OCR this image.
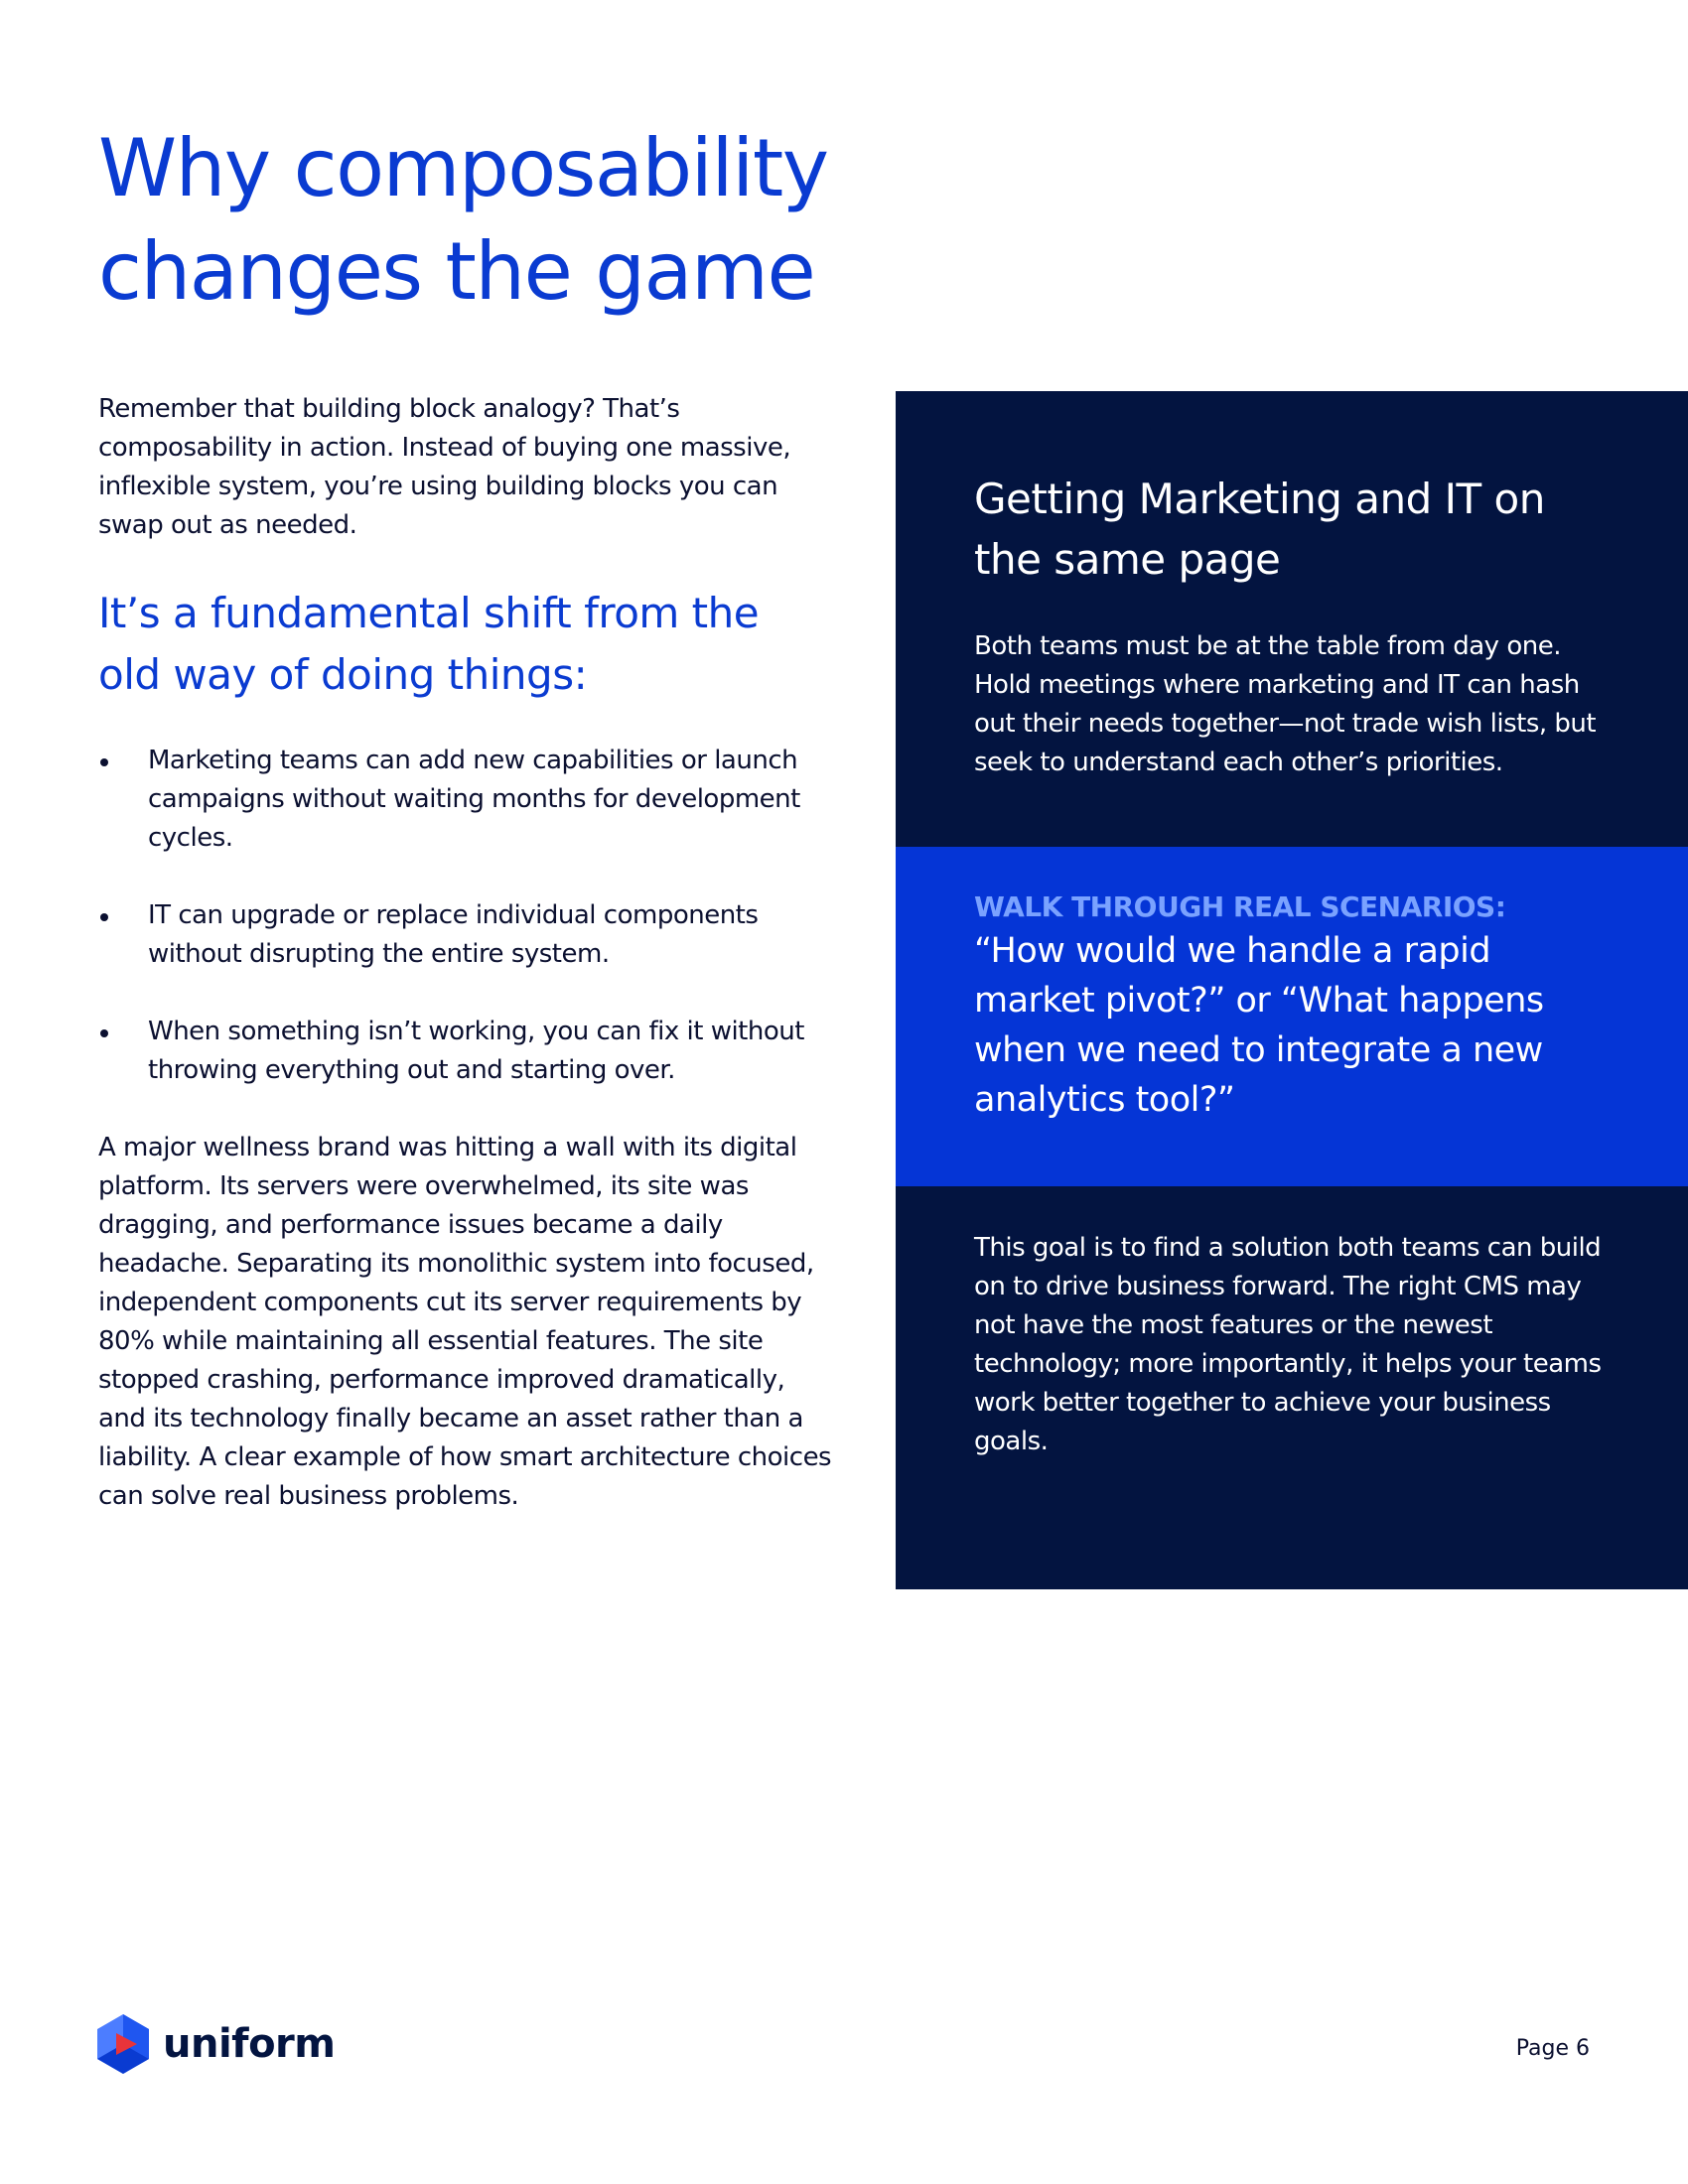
Why composability changes the game

Remember that building block analogy? That’s composability in action. Instead of buying one massive, inflexible system, you’re using building blocks you can swap out as needed.

It’s a fundamental shift from the old way of doing things:
Marketing teams can add new capabilities or launch campaigns without waiting months for development cycles.
IT can upgrade or replace individual components without disrupting the entire system.
When something isn’t working, you can fix it without throwing everything out and starting over.

A major wellness brand was hitting a wall with its digital platform. Its servers were overwhelmed, its site was dragging, and performance issues became a daily headache. Separating its monolithic system into focused, independent components cut its server requirements by 80% while maintaining all essential features. The site stopped crashing, performance improved dramatically, and its technology finally became an asset rather than a liability. A clear example of how smart architecture choices can solve real business problems.

Getting Marketing and IT on the same page

Both teams must be at the table from day one. Hold meetings where marketing and IT can hash out their needs together—not trade wish lists, but seek to understand each other’s priorities.

WALK THROUGH REAL SCENARIOS:

“How would we handle a rapid market pivot?” or “What happens when we need to integrate a new analytics tool?”

This goal is to find a solution both teams can build on to drive business forward. The right CMS may not have the most features or the newest technology; more importantly, it helps your teams work better together to achieve your business goals.

uniform	Page 6
